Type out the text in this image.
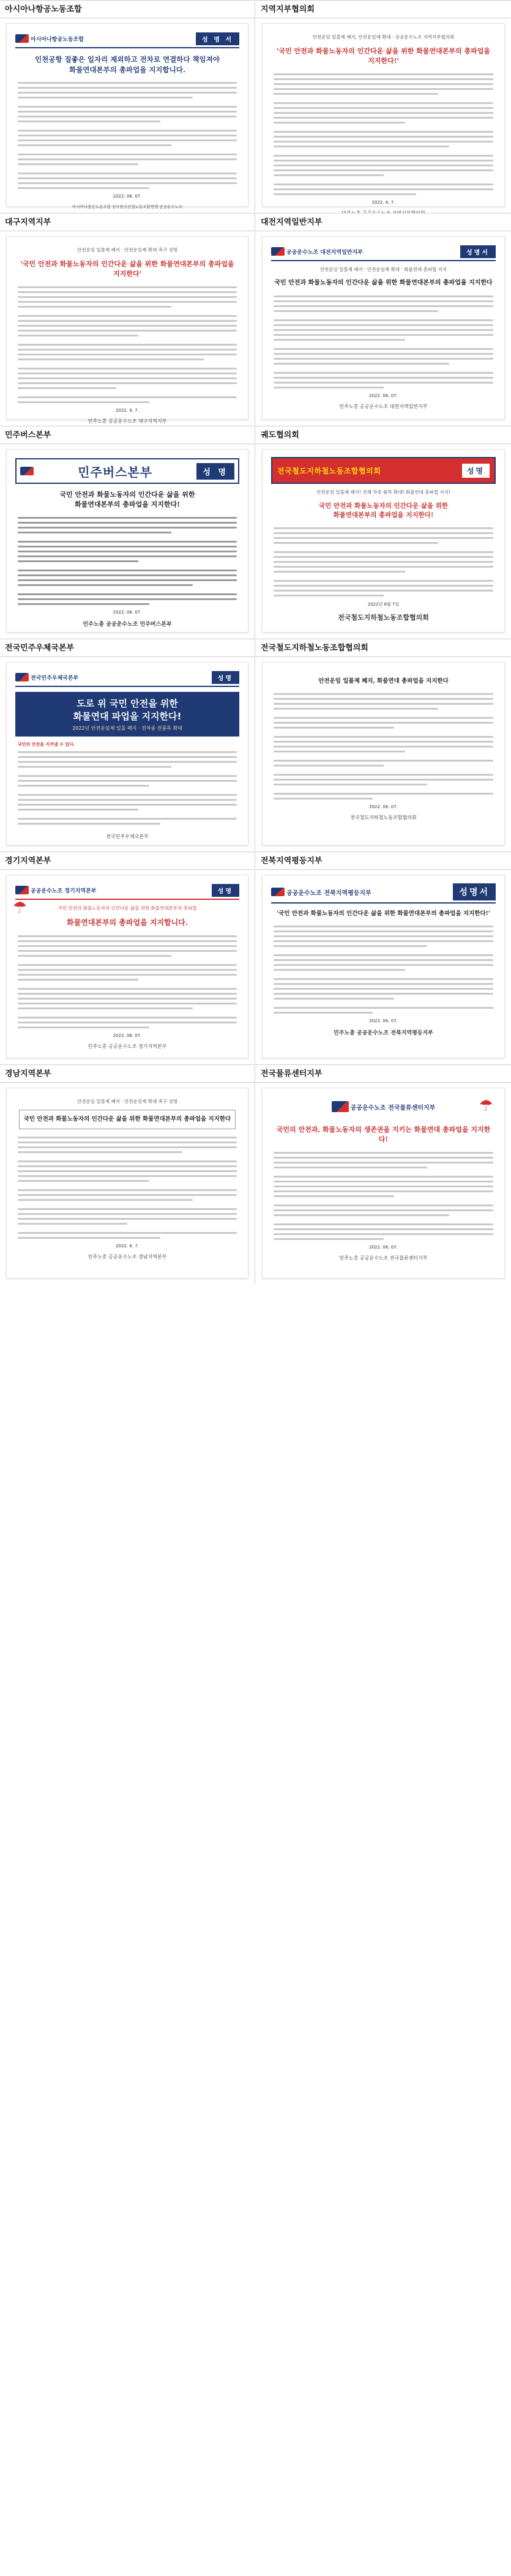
아시아나항공노동조합
아시아나항공노동조합	성 명 서
인천공항 질좋은 일자리 제외하고 전차로 연결하다 책임져야
화물연대본부의 총파업을 지지합니다.
2022. 06. 07.
아시아나항공노동조합 전국항공산업노동조합연맹 공공운수노조
지역지부협의회
안전운임 일몰제 폐지, 안전운임제 확대 · 공공운수노조 지역지부협의회
'국민 안전과 화물노동자의 인간다운 삶을 위한 화물연대본부의 총파업을 지지한다!'
2022. 6. 7.
대구지역지부
안전운임 일몰제 폐지 · 안전운임제 확대 촉구 성명
'국민 안전과 화물노동자의 인간다운 삶을 위한 화물연대본부의 총파업을 지지한다'
2022. 6. 7.
민주노총 공공운수노조 대구지역지부
대전지역일반지부
공공운수노조 대전지역일반지부	성명서
안전운임 일몰제 폐지 · 안전운임제 확대 · 화물연대 총파업 지지
국민 안전과 화물노동자의 인간다운 삶을 위한 화물연대본부의 총파업을 지지한다
2022. 06. 07.
민주노총 공공운수노조 대전지역일반지부
민주버스본부
민주버스본부	성 명
국민 안전과 화물노동자의 인간다운 삶을 위한
화물연대본부의 총파업을 지지한다!
2022. 06. 07.
민주노총 공공운수노조 민주버스본부
궤도협의회
전국철도지하철노동조합협의회	성명
안전운임 일몰제 폐지! 전체 차종·품목 확대! 화물연대 총파업 지지!
국민 안전과 화물노동자의 인간다운 삶을 위한
화물연대본부의 총파업을 지지한다!
2022년 6월 7일
전국철도지하철노동조합협의회
전국민주우체국본부
전국민주우체국본부	성명
도로 위 국민 안전을 위한
화물연대 파업을 지지한다!
2022년 안전운임제 일몰 폐지 · 전차종 전품목 확대
국민의 안전을 지켜낼 수 있다.
전국민주우체국본부
전국철도지하철노동조합협의회
안전운임 일몰제 폐지, 화물연대 총파업을 지지한다
2022. 06. 07.
전국철도지하철노동조합협의회
경기지역본부
공공운수노조 경기지역본부	성명
국민 안전과 화물노동자의 인간다운 삶을 위한 화물연대본부의 총파업
화물연대본부의 총파업을 지지합니다.
2022. 06. 07.
민주노총 공공운수노조 경기지역본부
☂
전북지역평등지부
공공운수노조 전북지역평등지부	성명서
'국민 안전과 화물노동자의 인간다운 삶을 위한 화물연대본부의 총파업을 지지한다!'
2022. 06. 07.
민주노총 공공운수노조 전북지역평등지부
경남지역본부
안전운임 일몰제 폐지 · 안전운임제 확대 촉구 성명
국민 안전과 화물노동자의 인간다운 삶을 위한 화물연대본부의 총파업을 지지한다
2022. 6. 7.
민주노총 공공운수노조 경남지역본부
전국물류센터지부
공공운수노조 전국물류센터지부	☂
국민의 안전과, 화물노동자의 생존권을 지키는 화물연대 총파업을 지지한다!
2022. 06. 07.
민주노총 공공운수노조 전국물류센터지부
